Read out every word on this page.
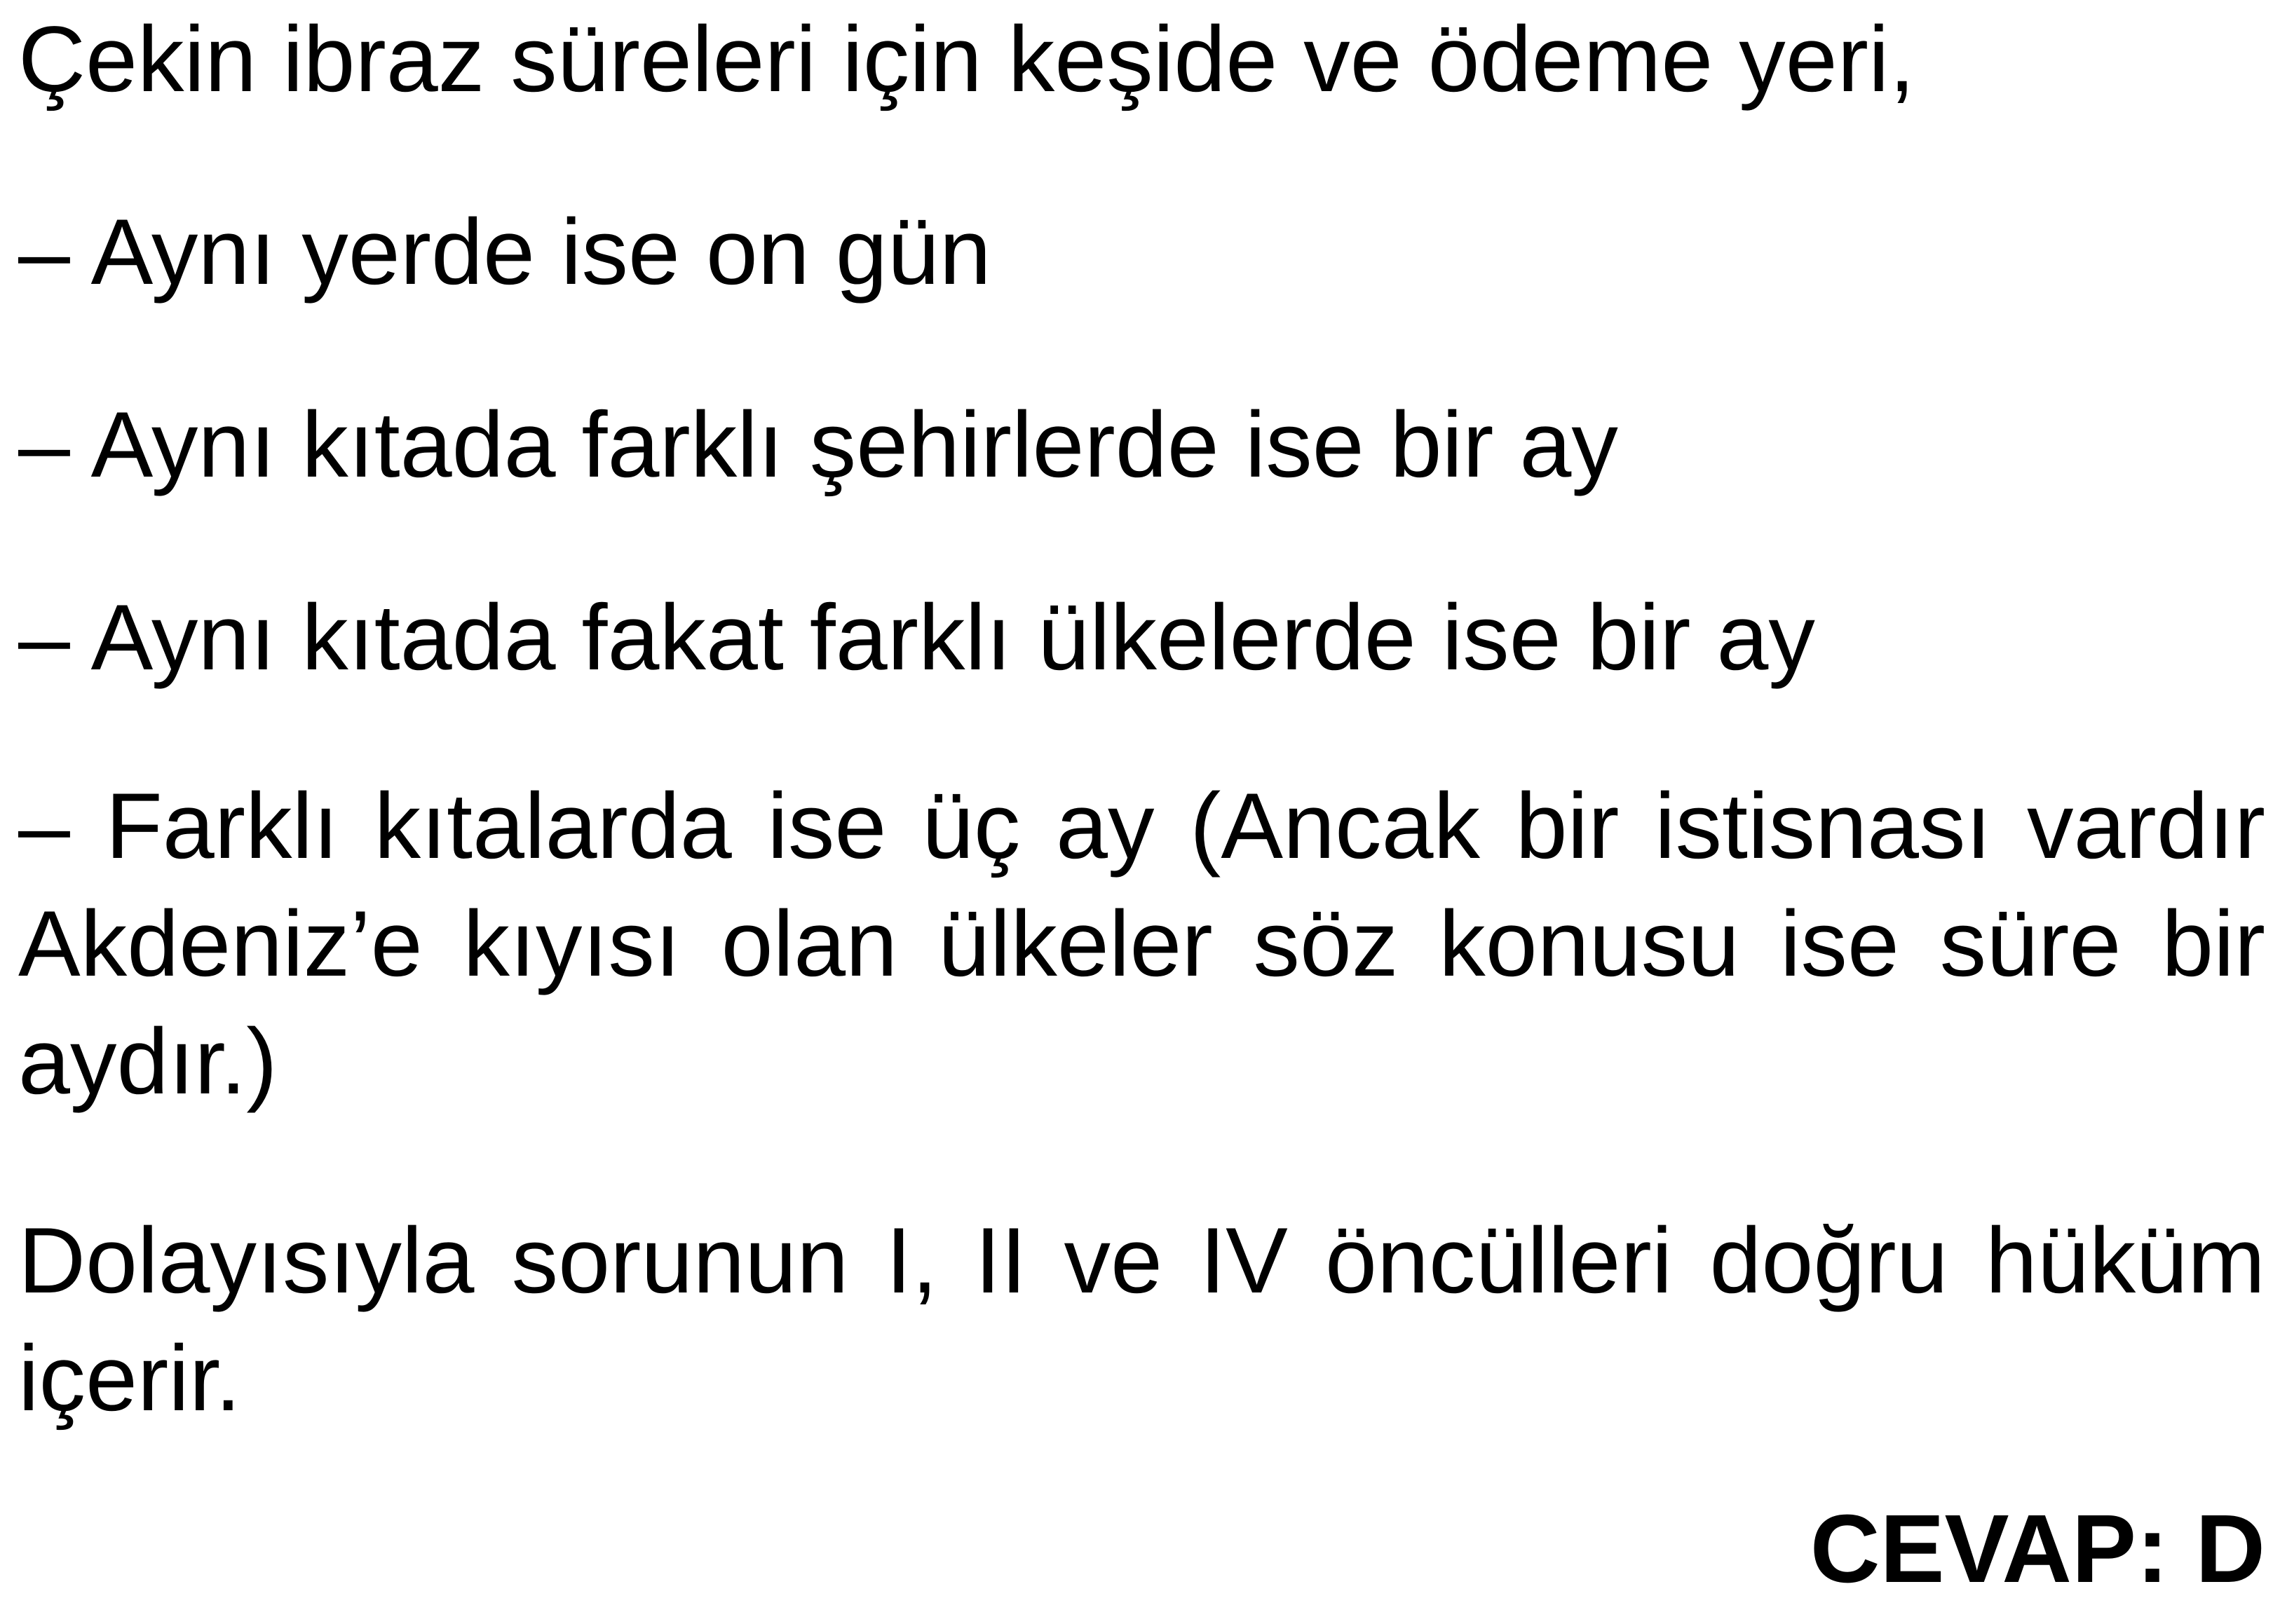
Çekin ibraz süreleri için keşide ve ödeme yeri,

– Aynı yerde ise on gün

– Aynı kıtada farklı şehirlerde ise bir ay

– Aynı kıtada fakat farklı ülkelerde ise bir ay

– Farklı kıtalarda ise üç ay (Ancak bir istisnası vardır Akdeniz’e kıyısı olan ülkeler söz konusu ise süre bir aydır.)

Dolayısıyla sorunun I, II ve IV öncülleri doğru hüküm içerir.

CEVAP: D
